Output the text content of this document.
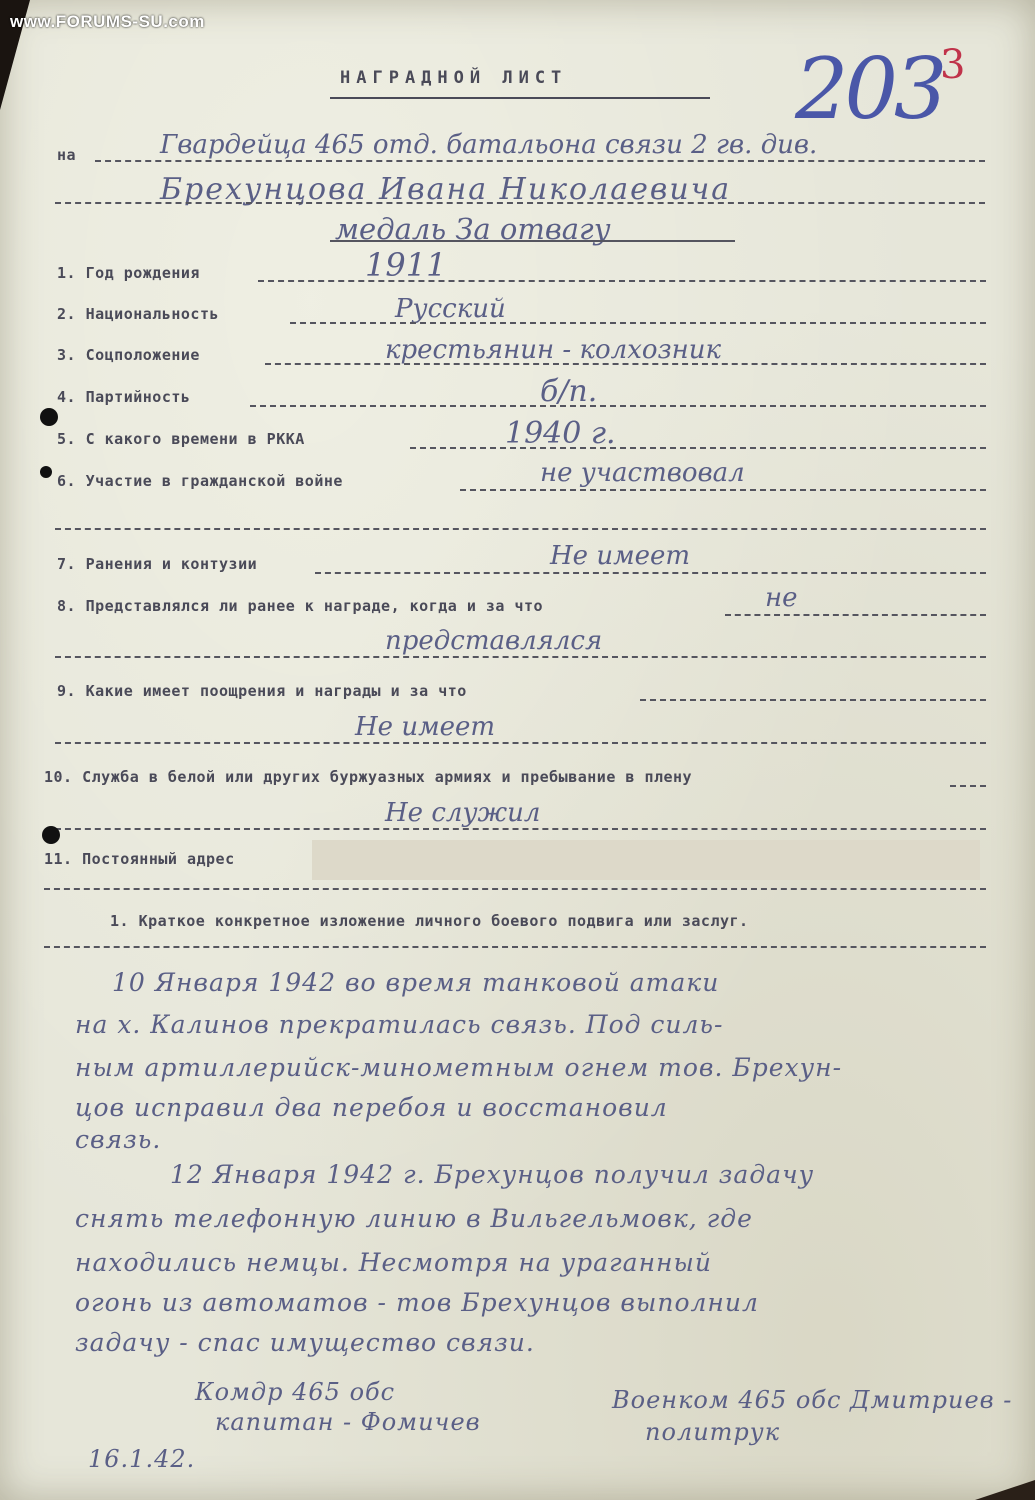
www.FORUMS-SU.com
203
3
НАГРАДНОЙ ЛИСТ
на	Гвардейца 465 отд. батальона связи 2 гв. див.
Брехунцова Ивана Николаевича
медаль За отвагу
1. Год рождения	1911
2. Национальность	Русский
3. Соцположение	крестьянин - колхозник
4. Партийность	б/п.
5. С какого времени в РККА	1940 г.
6. Участие в гражданской войне	не участвовал
7. Ранения и контузии	Не имеет
8. Представлялся ли ранее к награде, когда и за что	не
представлялся
9. Какие имеет поощрения и награды и за что
Не имеет
10. Служба в белой или других буржуазных армиях и пребывание в плену
Не служил
11. Постоянный адрес
1. Краткое конкретное изложение личного боевого подвига или заслуг.
10 Января 1942 во время танковой атаки
на х. Калинов прекратилась связь. Под силь-
ным артиллерийск-минометным огнем тов. Брехун-
цов исправил два перебоя и восстановил
связь.
12 Января 1942 г. Брехунцов получил задачу
снять телефонную линию в Вильгельмовк, где
находились немцы. Несмотря на ураганный
огонь из автоматов - тов Брехунцов выполнил
задачу - спас имущество связи.
Комдр 465 обс
капитан - Фомичев
Военком 465 обс Дмитриев -
политрук
16.1.42.
